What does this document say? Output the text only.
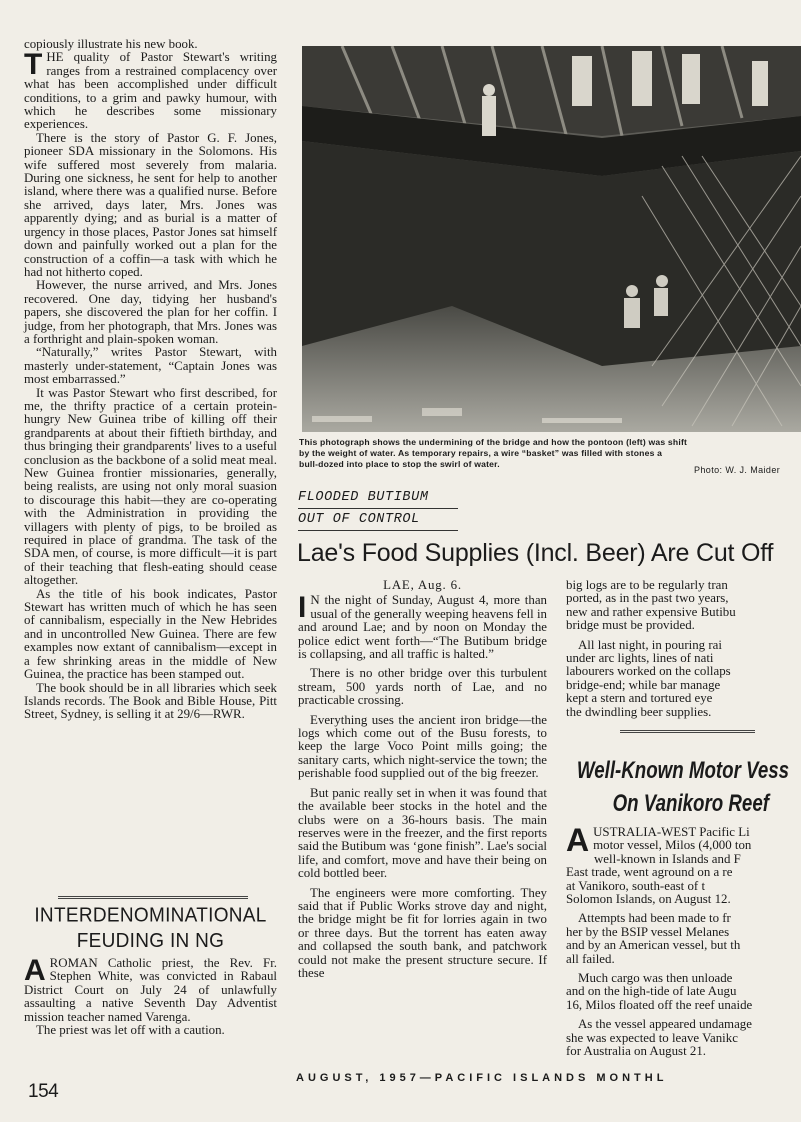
copiously illustrate his new book.

THE quality of Pastor Stewart's writing ranges from a restrained complacency over what has been accomplished under difficult conditions, to a grim and pawky humour, with which he describes some missionary experiences.

There is the story of Pastor G. F. Jones, pioneer SDA missionary in the Solomons. His wife suffered most severely from malaria. During one sickness, he sent for help to another island, where there was a qualified nurse. Before she arrived, days later, Mrs. Jones was apparently dying; and as burial is a matter of urgency in those places, Pastor Jones sat himself down and painfully worked out a plan for the construction of a coffin—a task with which he had not hitherto coped.

However, the nurse arrived, and Mrs. Jones recovered. One day, tidying her husband's papers, she discovered the plan for her coffin. I judge, from her photograph, that Mrs. Jones was a forthright and plain-spoken woman.

“Naturally,” writes Pastor Stewart, with masterly under-statement, “Captain Jones was most embarrassed.”

It was Pastor Stewart who first described, for me, the thrifty practice of a certain protein-hungry New Guinea tribe of killing off their grandparents at about their fiftieth birthday, and thus bringing their grandparents' lives to a useful conclusion as the backbone of a solid meat meal. New Guinea frontier missionaries, generally, being realists, are using not only moral suasion to discourage this habit—they are co-operating with the Administration in providing the villagers with plenty of pigs, to be broiled as required in place of grandma. The task of the SDA men, of course, is more difficult—it is part of their teaching that flesh-eating should cease altogether.

As the title of his book indicates, Pastor Stewart has written much of which he has seen of cannibalism, especially in the New Hebrides and in uncontrolled New Guinea. There are few examples now extant of cannibalism—except in a few shrinking areas in the middle of New Guinea, the practice has been stamped out.

The book should be in all libraries which seek Islands records. The Book and Bible House, Pitt Street, Sydney, is selling it at 29/6—RWR.

INTERDENOMINATIONAL
FEUDING IN NG

AROMAN Catholic priest, the Rev. Fr. Stephen White, was convicted in Rabaul District Court on July 24 of unlawfully assaulting a native Seventh Day Adventist mission teacher named Varenga.

The priest was let off with a caution.

This photograph shows the undermining of the bridge and how the pontoon (left) was shift
by the weight of water. As temporary repairs, a wire “basket” was filled with stones a
bull-dozed into place to stop the swirl of water.
Photo: W. J. Maider
FLOODED BUTIBUM
OUT OF CONTROL
Lae's Food Supplies (Incl. Beer) Are Cut Off

LAE, Aug. 6.

I N the night of Sunday, August 4, more than usual of the generally weeping heavens fell in and around Lae; and by noon on Monday the police edict went forth—“The Butibum bridge is collapsing, and all traffic is halted.”

There is no other bridge over this turbulent stream, 500 yards north of Lae, and no practicable crossing.

Everything uses the ancient iron bridge—the logs which come out of the Busu forests, to keep the large Voco Point mills going; the sanitary carts, which night-service the town; the perishable food supplied out of the big freezer.

But panic really set in when it was found that the available beer stocks in the hotel and the clubs were on a 36-hours basis. The main reserves were in the freezer, and the first reports said the Butibum was ‘gone finish”. Lae's social life, and comfort, move and have their being on cold bottled beer.

The engineers were more comforting. They said that if Public Works strove day and night, the bridge might be fit for lorries again in two or three days. But the torrent has eaten away and collapsed the south bank, and patchwork could not make the present structure secure. If these

big logs are to be regularly tran
ported, as in the past two years,
new and rather expensive Butibu
bridge must be provided.
All last night, in pouring rai
under arc lights, lines of nati
labourers worked on the collaps
bridge-end; while bar manage
kept a stern and tortured eye
the dwindling beer supplies.
Well-Known Motor Vess
On Vanikoro Reef
A USTRALIA-WEST Pacific Li
motor vessel, Milos (4,000 ton
well-known in Islands and F
East trade, went aground on a re
at Vanikoro, south-east of t
Solomon Islands, on August 12.
Attempts had been made to fr
her by the BSIP vessel Melanes
and by an American vessel, but th
all failed.
Much cargo was then unloade
and on the high-tide of late Augu
16, Milos floated off the reef unaide
As the vessel appeared undamage
she was expected to leave Vanikc
for Australia on August 21.
154
AUGUST, 1957—PACIFIC ISLANDS MONTHL
